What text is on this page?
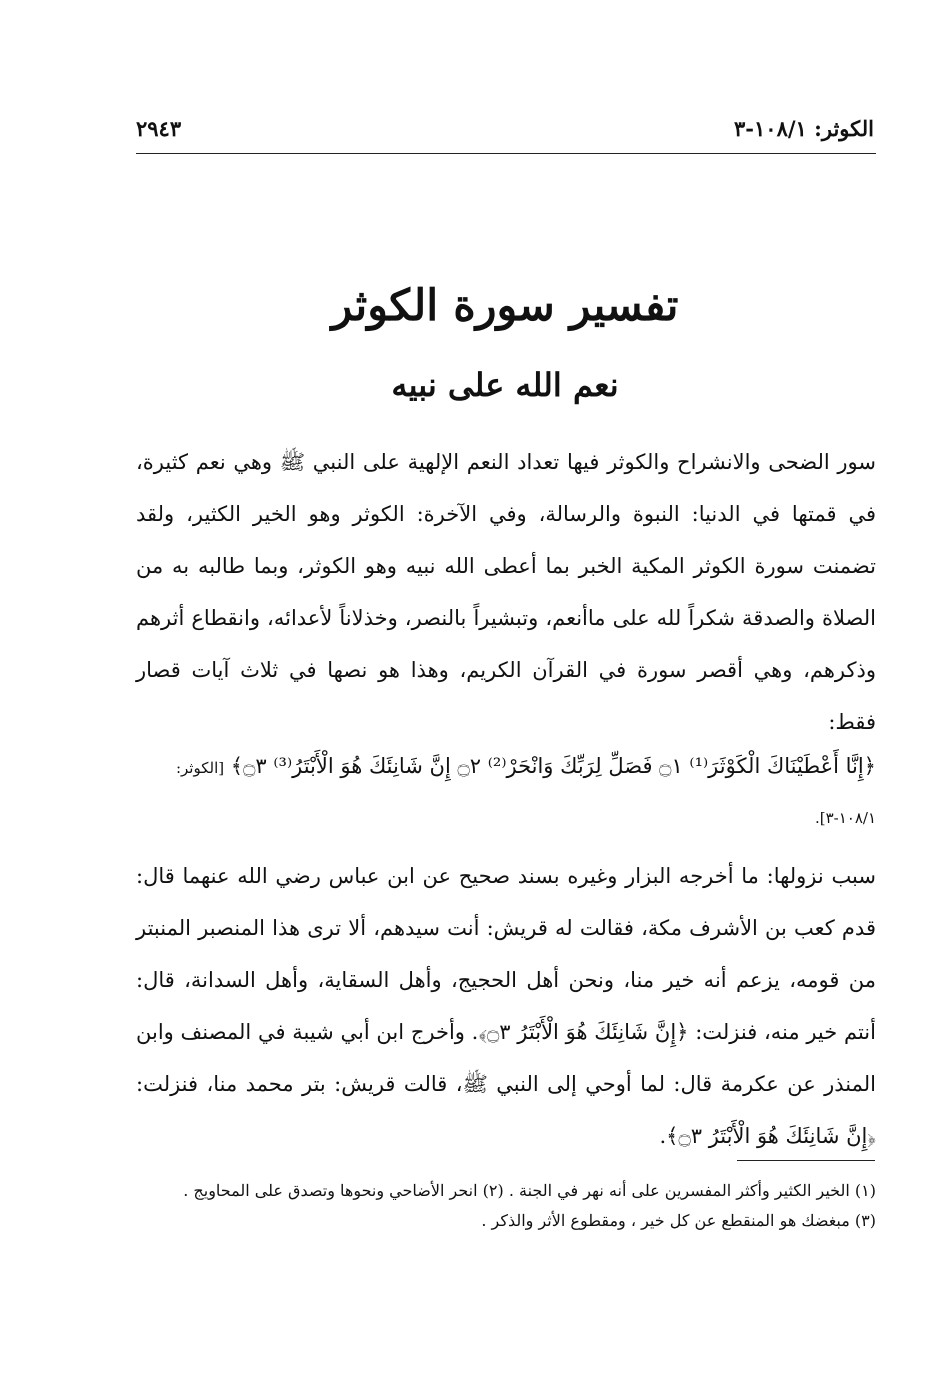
الكوثر: ١٠٨/١-٣
٢٩٤٣
تفسير سورة الكوثر
نعم الله على نبيه

سور الضحى والانشراح والكوثر فيها تعداد النعم الإلهية على النبي ﷺ وهي نعم كثيرة، في قمتها في الدنيا: النبوة والرسالة، وفي الآخرة: الكوثر وهو الخير الكثير، ولقد تضمنت سورة الكوثر المكية الخبر بما أعطى الله نبيه وهو الكوثر، وبما طالبه به من الصلاة والصدقة شكراً لله على ماأنعم، وتبشيراً بالنصر، وخذلاناً لأعدائه، وانقطاع أثرهم وذكرهم، وهي أقصر سورة في القرآن الكريم، وهذا هو نصها في ثلاث آيات قصار فقط:

﴿إِنَّا أَعْطَيْنَاكَ الْكَوْثَرَ⁽¹⁾ ۝١ فَصَلِّ لِرَبِّكَ وَانْحَرْ⁽²⁾ ۝٢ إِنَّ شَانِئَكَ هُوَ الْأَبْتَرُ⁽³⁾ ۝٣﴾ [الكوثر: ١٠٨/١-٣].

سبب نزولها: ما أخرجه البزار وغيره بسند صحيح عن ابن عباس رضي الله عنهما قال: قدم كعب بن الأشرف مكة، فقالت له قريش: أنت سيدهم، ألا ترى هذا المنصبر المنبتر من قومه، يزعم أنه خير منا، ونحن أهل الحجيج، وأهل السقاية، وأهل السدانة، قال: أنتم خير منه، فنزلت: ﴿إِنَّ شَانِئَكَ هُوَ الْأَبْتَرُ ۝٣﴾. وأخرج ابن أبي شيبة في المصنف وابن المنذر عن عكرمة قال: لما أوحي إلى النبي ﷺ، قالت قريش: بتر محمد منا، فنزلت: ﴿إِنَّ شَانِئَكَ هُوَ الْأَبْتَرُ ۝٣﴾.

(١) الخير الكثير وأكثر المفسرين على أنه نهر في الجنة . (٢) انحر الأضاحي ونحوها وتصدق على المحاويج .

(٣) مبغضك هو المنقطع عن كل خير ، ومقطوع الأثر والذكر .
